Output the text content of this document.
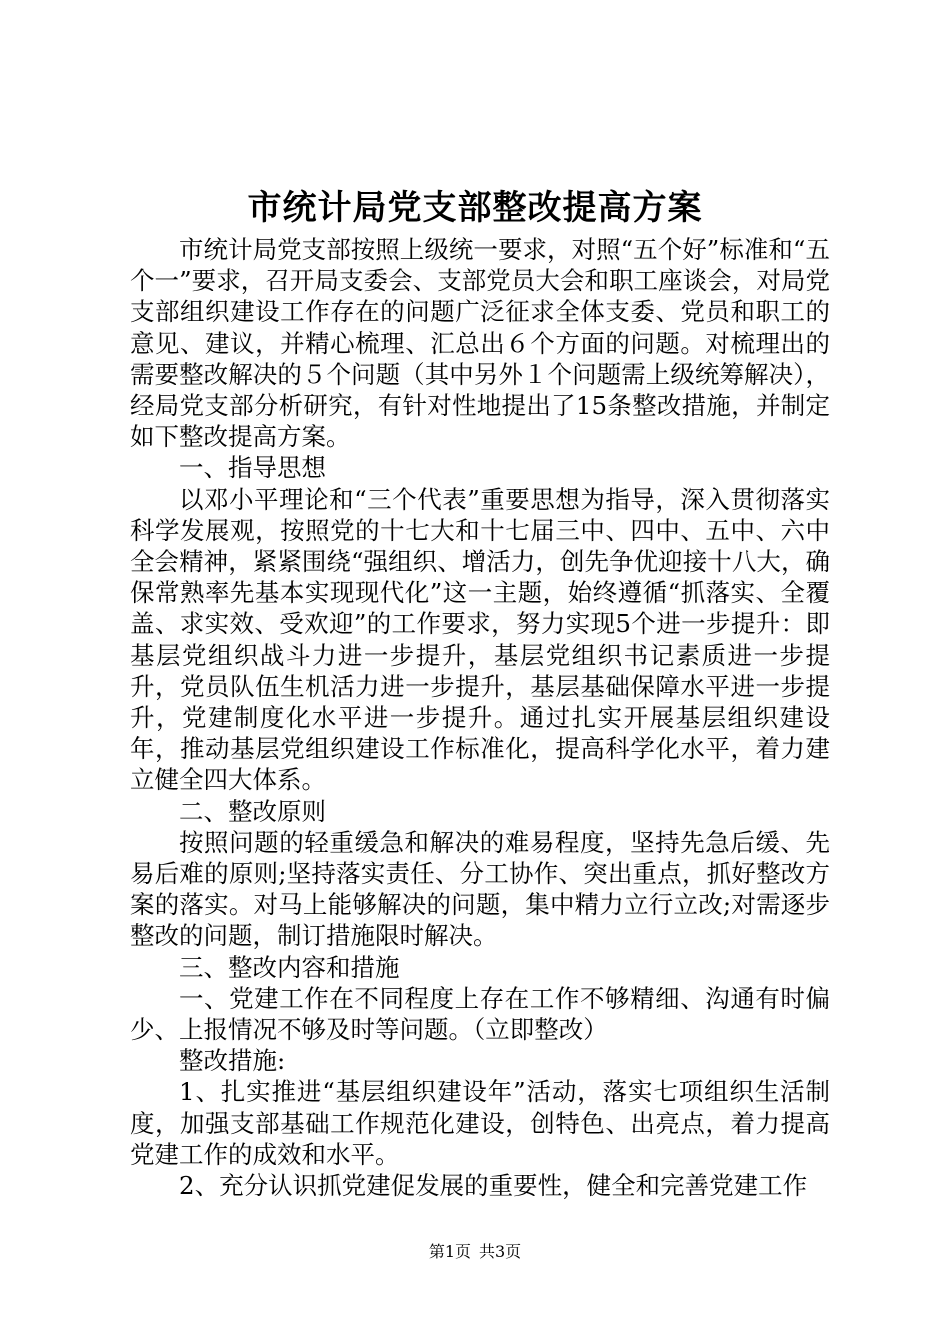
市统计局党支部整改提高方案

市统计局党支部按照上级统一要求，对照“五个好”标准和“五个一”要求，召开局支委会、支部党员大会和职工座谈会，对局党支部组织建设工作存在的问题广泛征求全体支委、党员和职工的意见、建议，并精心梳理、汇总出６个方面的问题。对梳理出的需要整改解决的５个问题（其中另外１个问题需上级统筹解决），经局党支部分析研究，有针对性地提出了15条整改措施，并制定如下整改提高方案。

一、指导思想

以邓小平理论和“三个代表”重要思想为指导，深入贯彻落实科学发展观，按照党的十七大和十七届三中、四中、五中、六中全会精神，紧紧围绕“强组织、增活力，创先争优迎接十八大，确保常熟率先基本实现现代化”这一主题，始终遵循“抓落实、全覆盖、求实效、受欢迎”的工作要求，努力实现5个进一步提升：即基层党组织战斗力进一步提升，基层党组织书记素质进一步提升，党员队伍生机活力进一步提升，基层基础保障水平进一步提升，党建制度化水平进一步提升。通过扎实开展基层组织建设年，推动基层党组织建设工作标准化，提高科学化水平，着力建立健全四大体系。

二、整改原则

按照问题的轻重缓急和解决的难易程度，坚持先急后缓、先易后难的原则;坚持落实责任、分工协作、突出重点，抓好整改方案的落实。对马上能够解决的问题，集中精力立行立改;对需逐步整改的问题，制订措施限时解决。

三、整改内容和措施

一、党建工作在不同程度上存在工作不够精细、沟通有时偏少、上报情况不够及时等问题。（立即整改）

整改措施:

1、扎实推进“基层组织建设年”活动，落实七项组织生活制度，加强支部基础工作规范化建设，创特色、出亮点，着力提高党建工作的成效和水平。

2、充分认识抓党建促发展的重要性，健全和完善党建工作

第1页 共3页
